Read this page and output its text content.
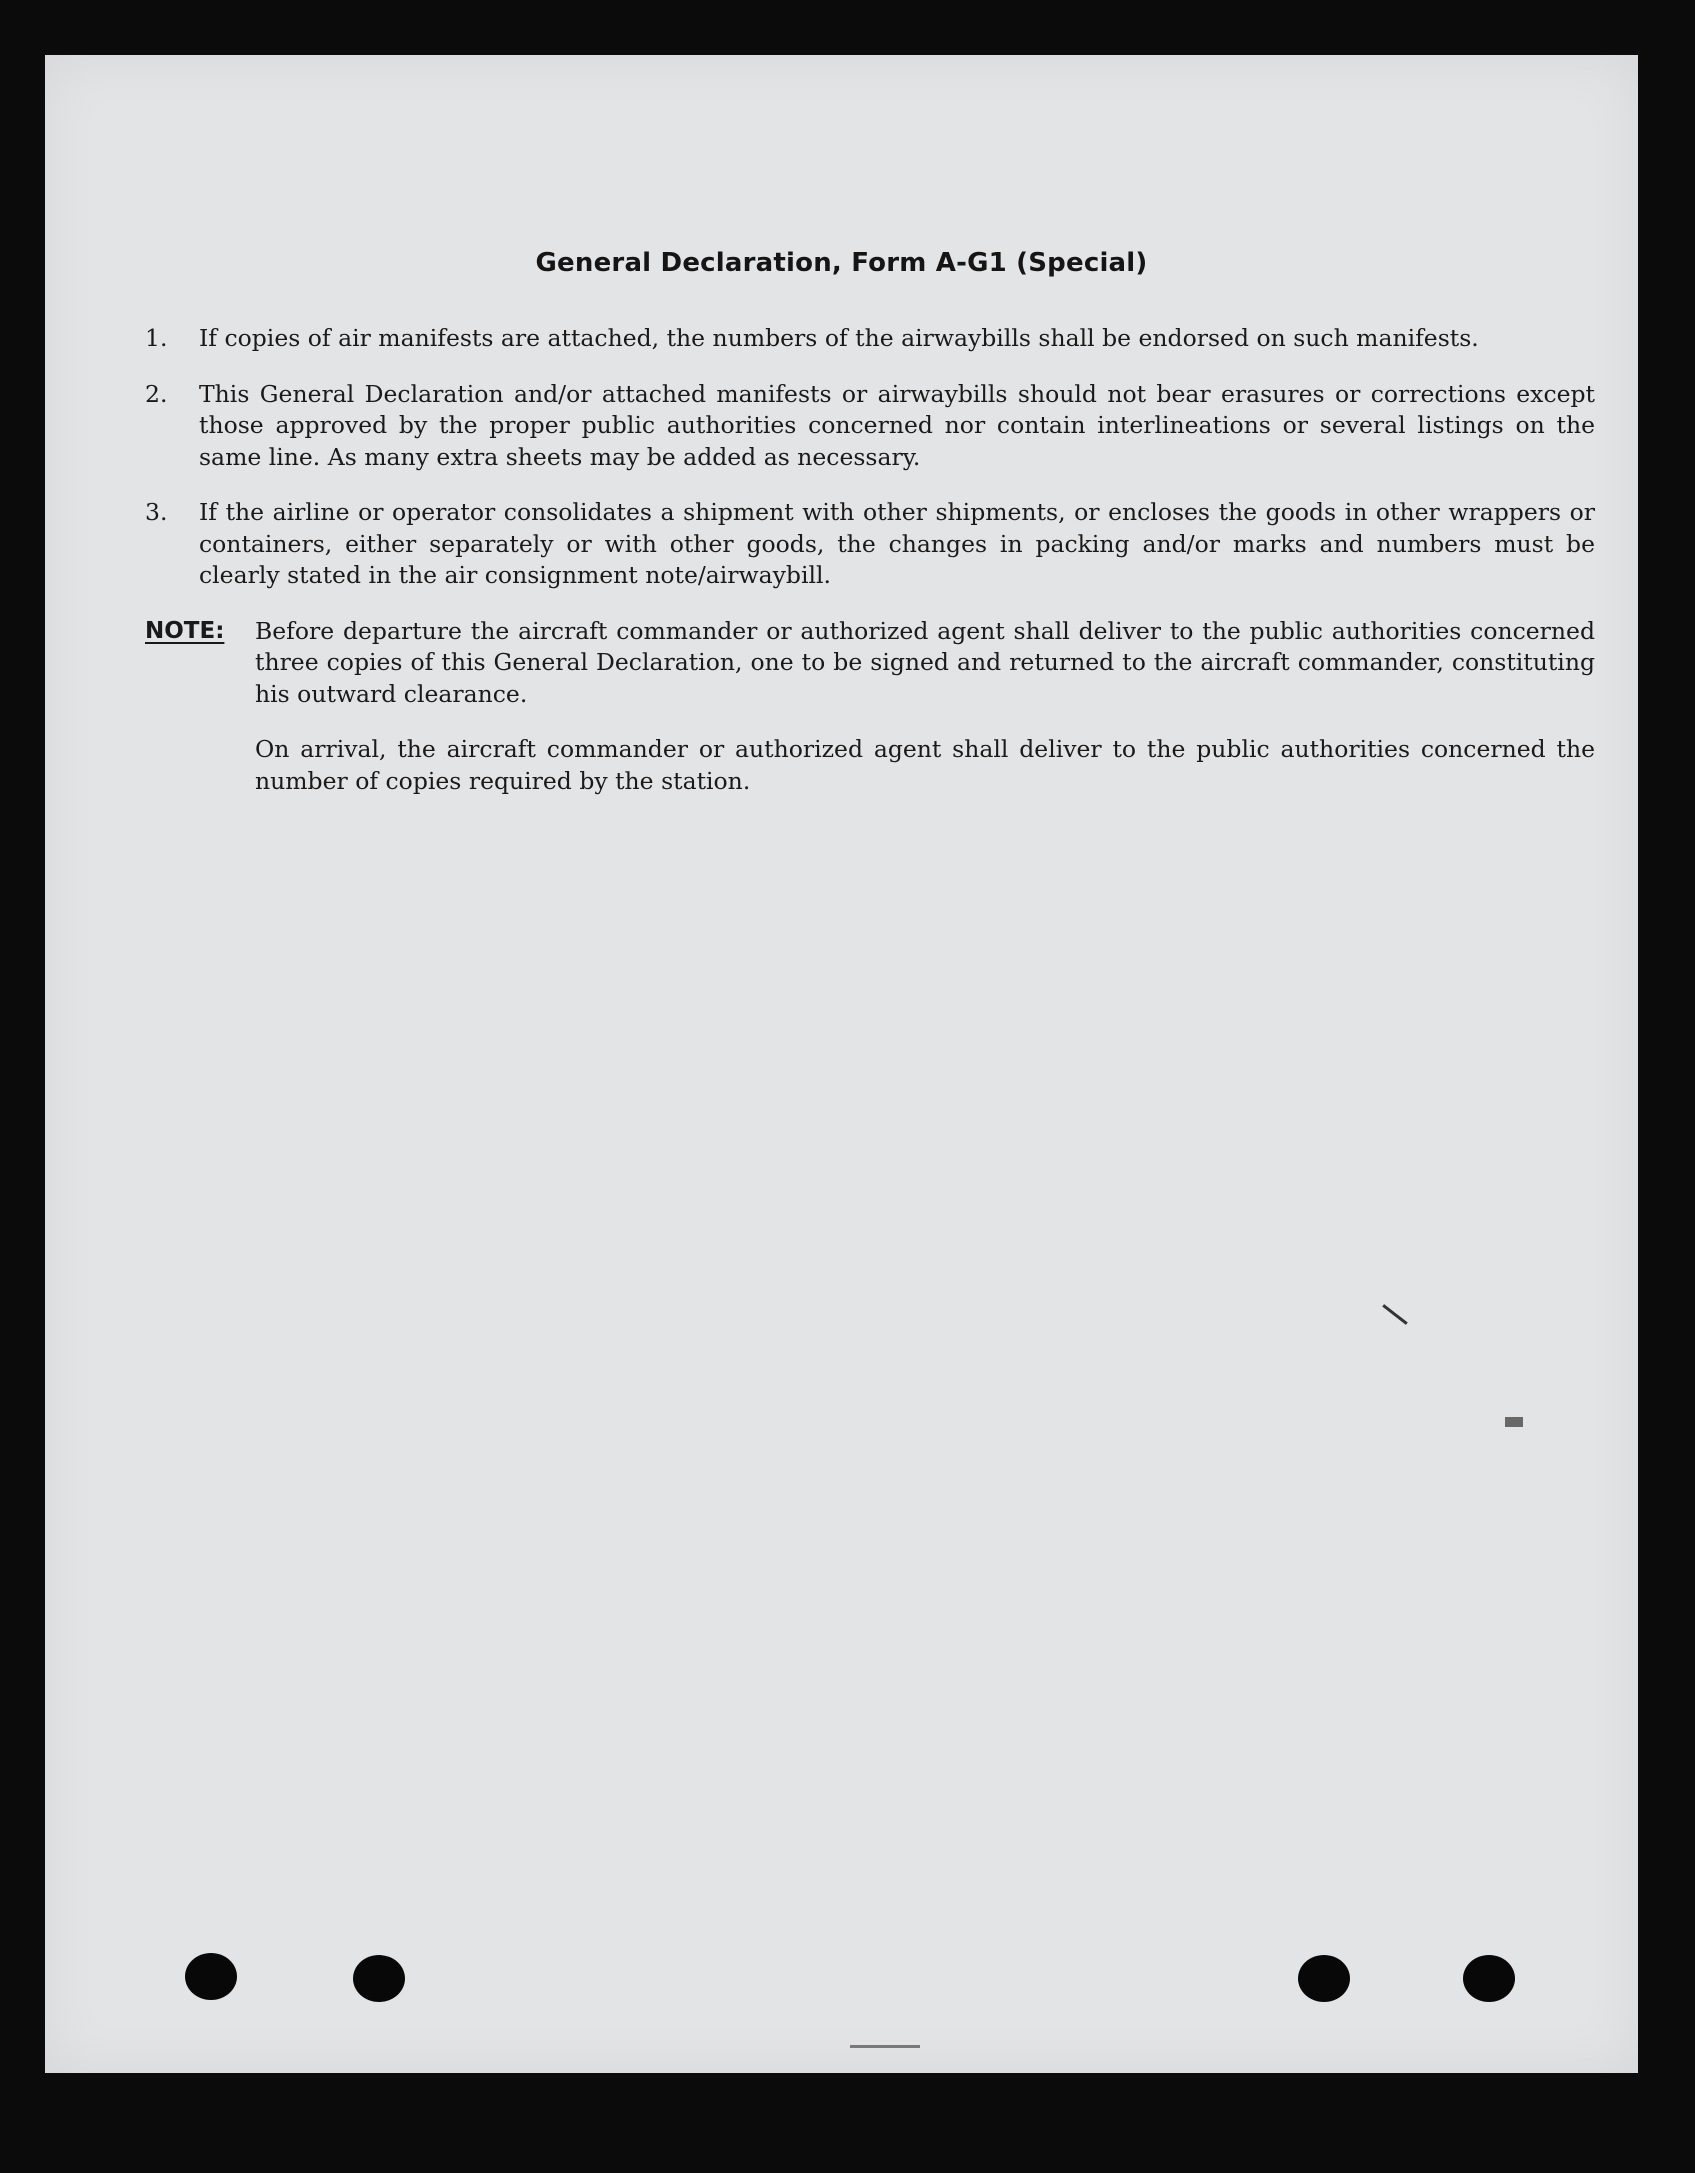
General Declaration, Form A-G1 (Special)
1. If copies of air manifests are attached, the numbers of the airwaybills shall be endorsed on such manifests.
2. This General Declaration and/or attached manifests or airwaybills should not bear erasures or corrections except those approved by the proper public authorities concerned nor contain interlineations or several listings on the same line. As many extra sheets may be added as necessary.
3. If the airline or operator consolidates a shipment with other shipments, or encloses the goods in other wrappers or containers, either separately or with other goods, the changes in packing and/or marks and numbers must be clearly stated in the air consignment note/airwaybill.
NOTE: Before departure the aircraft commander or authorized agent shall deliver to the public authorities concerned three copies of this General Declaration, one to be signed and returned to the aircraft commander, constituting his outward clearance.

On arrival, the aircraft commander or authorized agent shall deliver to the public authorities concerned the number of copies required by the station.
